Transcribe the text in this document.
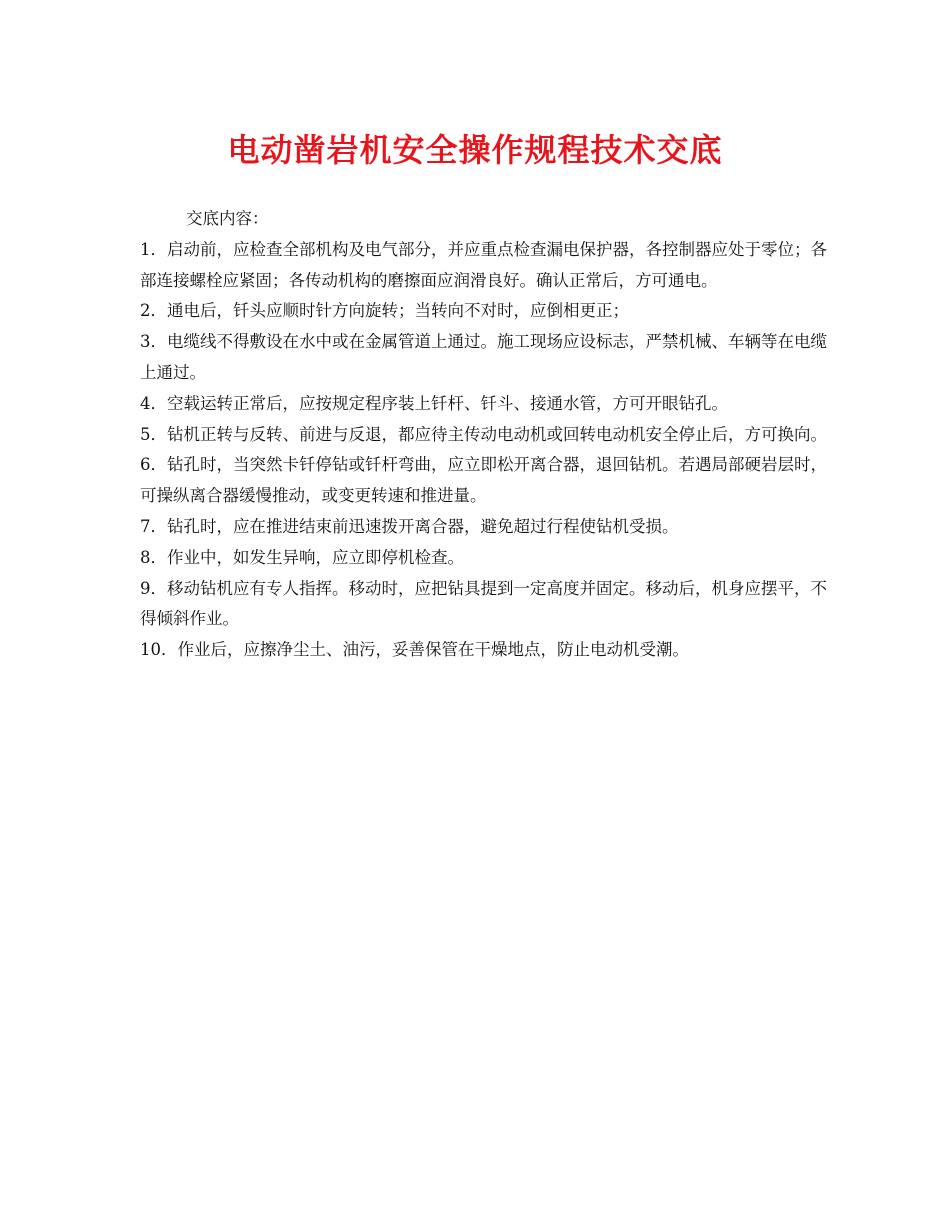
电动凿岩机安全操作规程技术交底

交底内容：

1．启动前，应检查全部机构及电气部分，并应重点检查漏电保护器，各控制器应处于零位；各部连接螺栓应紧固；各传动机构的磨擦面应润滑良好。确认正常后，方可通电。
2．通电后，钎头应顺时针方向旋转；当转向不对时，应倒相更正；
3．电缆线不得敷设在水中或在金属管道上通过。施工现场应设标志，严禁机械、车辆等在电缆上通过。
4．空载运转正常后，应按规定程序装上钎杆、钎斗、接通水管，方可开眼钻孔。
5．钻机正转与反转、前进与反退，都应待主传动电动机或回转电动机安全停止后，方可换向。
6．钻孔时，当突然卡钎停钻或钎杆弯曲，应立即松开离合器，退回钻机。若遇局部硬岩层时，可操纵离合器缓慢推动，或变更转速和推进量。
7．钻孔时，应在推进结束前迅速拨开离合器，避免超过行程使钻机受损。
8．作业中，如发生异响，应立即停机检查。
9．移动钻机应有专人指挥。移动时，应把钻具提到一定高度并固定。移动后，机身应摆平，不得倾斜作业。
10．作业后，应擦净尘土、油污，妥善保管在干燥地点，防止电动机受潮。
